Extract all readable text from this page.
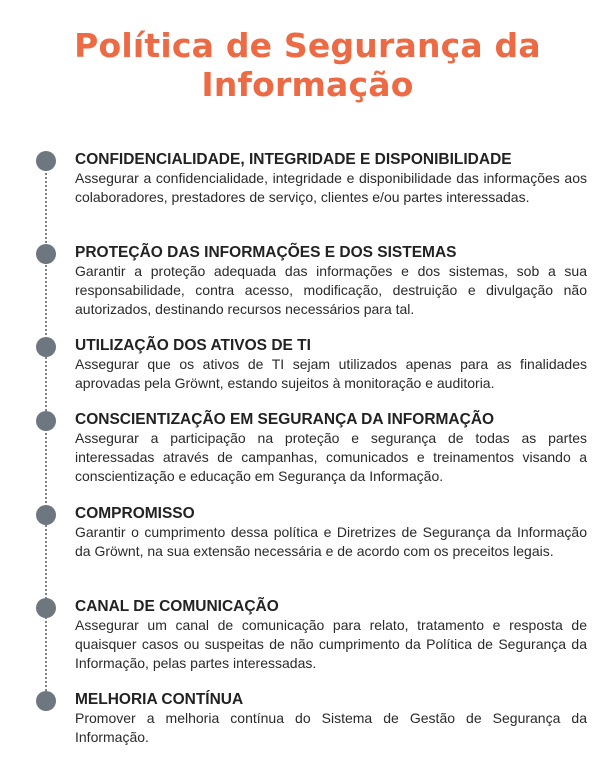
Política de Segurança da
Informação
CONFIDENCIALIDADE, INTEGRIDADE E DISPONIBILIDADE

Assegurar a confidencialidade, integridade e disponibilidade das informações aos colaboradores, prestadores de serviço, clientes e/ou partes interessadas.

PROTEÇÃO DAS INFORMAÇÕES E DOS SISTEMAS

Garantir a proteção adequada das informações e dos sistemas, sob a sua responsabilidade, contra acesso, modificação, destruição e divulgação não autorizados, destinando recursos necessários para tal.

UTILIZAÇÃO DOS ATIVOS DE TI

Assegurar que os ativos de TI sejam utilizados apenas para as finalidades aprovadas pela Gröwnt, estando sujeitos à monitoração e auditoria.

CONSCIENTIZAÇÃO EM SEGURANÇA DA INFORMAÇÃO

Assegurar a participação na proteção e segurança de todas as partes interessadas através de campanhas, comunicados e treinamentos visando a conscientização e educação em Segurança da Informação.

COMPROMISSO

Garantir o cumprimento dessa política e Diretrizes de Segurança da Informação da Gröwnt, na sua extensão necessária e de acordo com os preceitos legais.

CANAL DE COMUNICAÇÃO

Assegurar um canal de comunicação para relato, tratamento e resposta de quaisquer casos ou suspeitas de não cumprimento da Política de Segurança da Informação, pelas partes interessadas.

MELHORIA CONTÍNUA

Promover a melhoria contínua do Sistema de Gestão de Segurança da Informação.
